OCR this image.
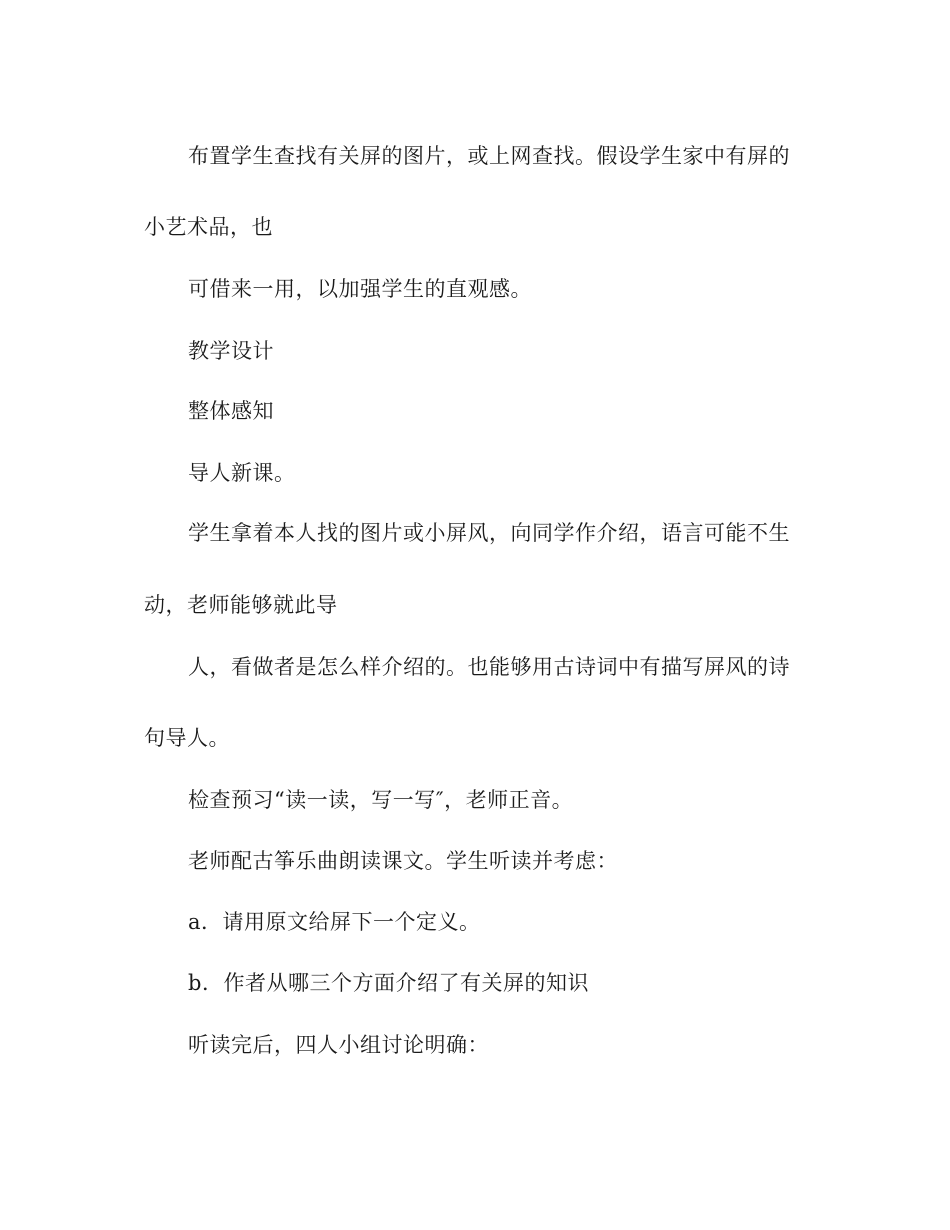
布置学生查找有关屏的图片，或上网查找。假设学生家中有屏的
小艺术品，也
可借来一用，以加强学生的直观感。
教学设计
整体感知
导人新课。
学生拿着本人找的图片或小屏风，向同学作介绍，语言可能不生
动，老师能够就此导
人，看做者是怎么样介绍的。也能够用古诗词中有描写屏风的诗
句导人。
检查预习“读一读，写一写″，老师正音。
老师配古筝乐曲朗读课文。学生听读并考虑：
a．请用原文给屏下一个定义。
b．作者从哪三个方面介绍了有关屏的知识
听读完后，四人小组讨论明确：
